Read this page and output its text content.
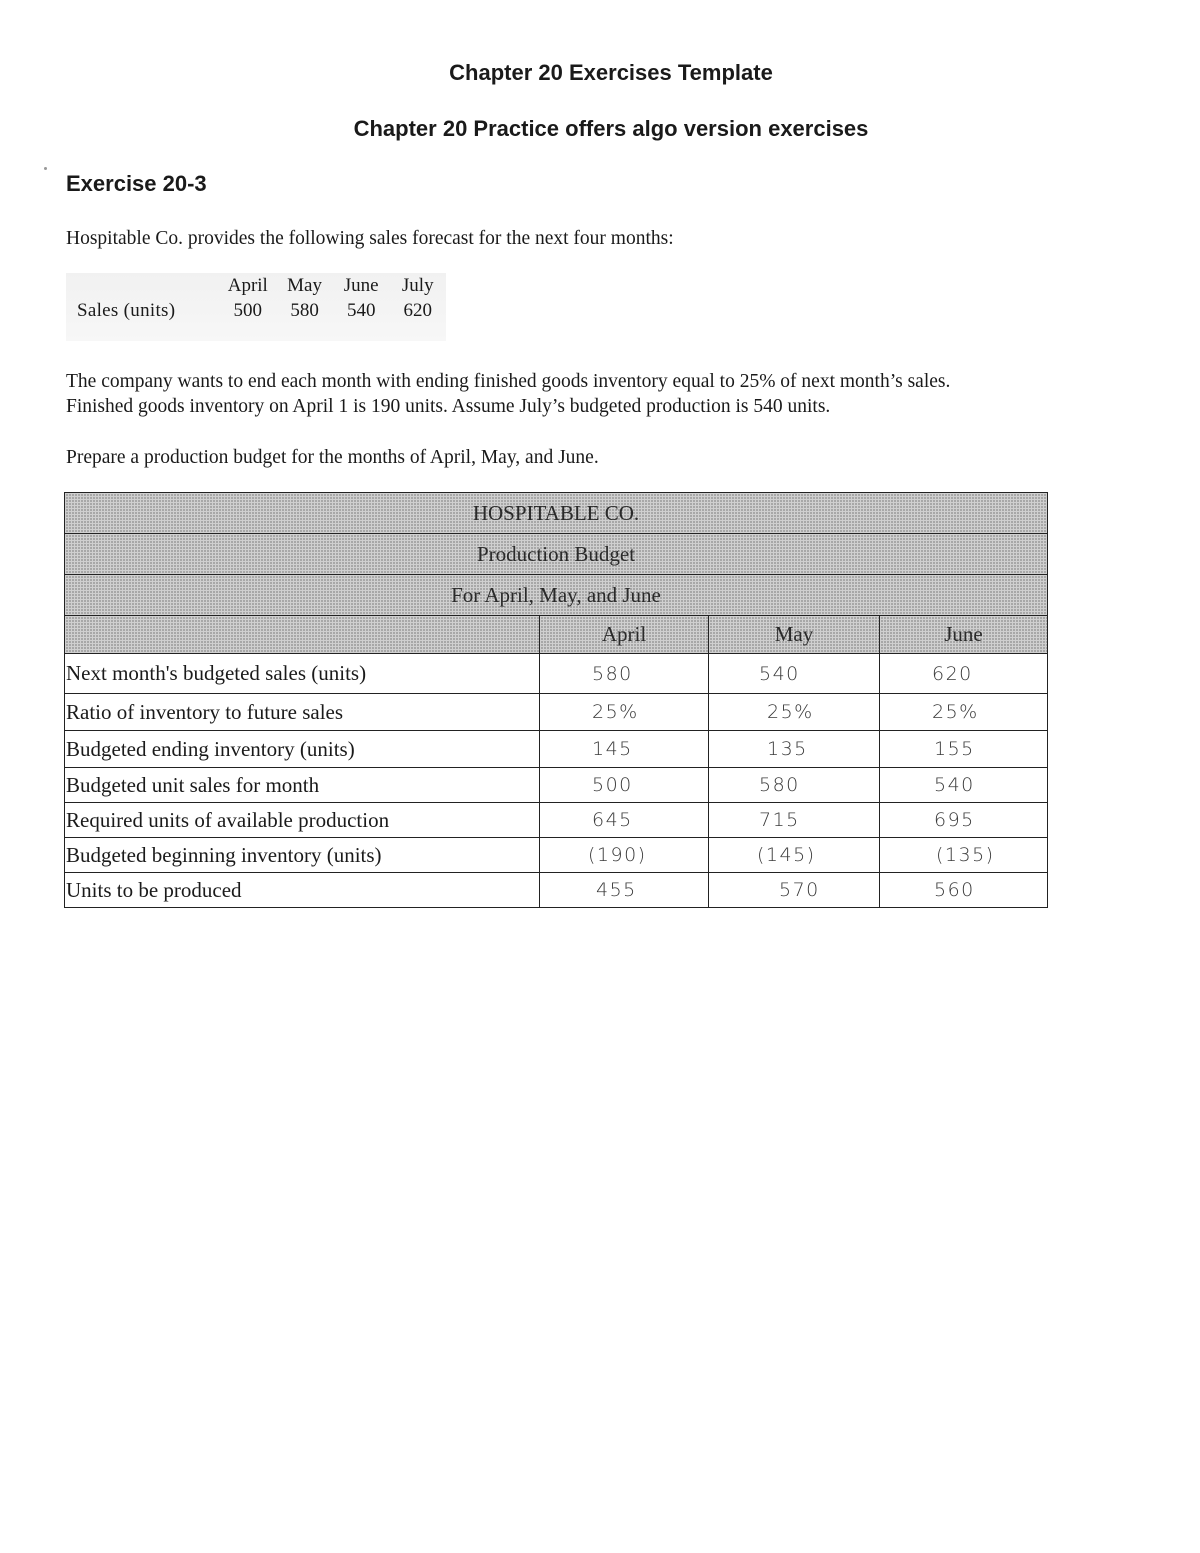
Chapter 20 Exercises Template
Chapter 20 Practice offers algo version exercises
Exercise 20-3
Hospitable Co. provides the following sales forecast for the next four months:
	April	May	June	July
Sales (units)	500	580	540	620
The company wants to end each month with ending finished goods inventory equal to 25% of next month’s sales.
Finished goods inventory on April 1 is 190 units. Assume July’s budgeted production is 540 units.
Prepare a production budget for the months of April, May, and June.
HOSPITABLE CO.			
Production Budget			
For April, May, and June			
	April	May	June
Next month's budgeted sales (units)	580	540	620
Ratio of inventory to future sales	25%	25%	25%
Budgeted ending inventory (units)	145	135	155
Budgeted unit sales for month	500	580	540
Required units of available production	645	715	695
Budgeted beginning inventory (units)	(190)	(145)	(135)
Units to be produced	455	570	560
